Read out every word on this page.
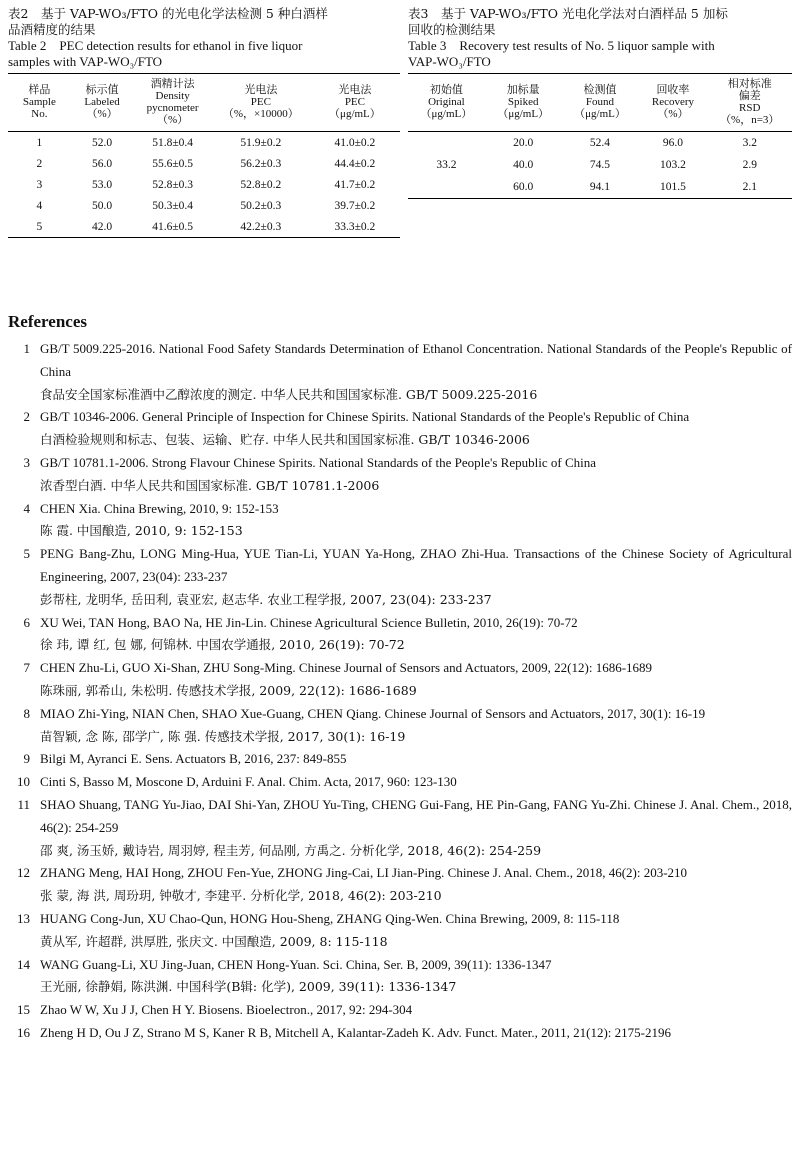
表2　基于 VAP-WO₃/FTO 的光电化学法检测 5 种白酒样

品酒精度的结果

Table 2　PEC detection results for ethanol in five liquor

samples with VAP-WO₃/FTO

样品
Sample
No.	标示值
Labeled
（%）	酒精计法
Density
pycnometer
（%）	光电法
PEC
（%，×10000）	光电法
PEC
（μg/mL）

1	52.0	51.8±0.4	51.9±0.2	41.0±0.2
2	56.0	55.6±0.5	56.2±0.3	44.4±0.2
3	53.0	52.8±0.3	52.8±0.2	41.7±0.2
4	50.0	50.3±0.4	50.2±0.3	39.7±0.2
5	42.0	41.6±0.5	42.2±0.3	33.3±0.2

表3　基于 VAP-WO₃/FTO 光电化学法对白酒样品 5 加标

回收的检测结果

Table 3　Recovery test results of No. 5 liquor sample with

VAP-WO₃/FTO

初始值
Original
（μg/mL）	加标量
Spiked
（μg/mL）	检测值
Found
（μg/mL）	回收率
Recovery
（%）	相对标准
偏差
RSD
（%，n=3）

33.2	20.0	52.4	96.0	3.2
	40.0	74.5	103.2	2.9
	60.0	94.1	101.5	2.1
References
1 GB/T 5009.225-2016. National Food Safety Standards Determination of Ethanol Concentration. National Standards of the People's Republic of China
食品安全国家标准酒中乙醇浓度的测定. 中华人民共和国国家标准. GB/T 5009.225-2016
2 GB/T 10346-2006. General Principle of Inspection for Chinese Spirits. National Standards of the People's Republic of China
白酒检验规则和标志、包装、运输、贮存. 中华人民共和国国家标准. GB/T 10346-2006
3 GB/T 10781.1-2006. Strong Flavour Chinese Spirits. National Standards of the People's Republic of China
浓香型白酒. 中华人民共和国国家标准. GB/T 10781.1-2006
4 CHEN Xia. China Brewing, 2010, 9: 152-153
陈 霞. 中国酿造, 2010, 9: 152-153
5 PENG Bang-Zhu, LONG Ming-Hua, YUE Tian-Li, YUAN Ya-Hong, ZHAO Zhi-Hua. Transactions of the Chinese Society of Agricultural Engineering, 2007, 23(04): 233-237
彭帮柱, 龙明华, 岳田利, 袁亚宏, 赵志华. 农业工程学报, 2007, 23(04): 233-237
6 XU Wei, TAN Hong, BAO Na, HE Jin-Lin. Chinese Agricultural Science Bulletin, 2010, 26(19): 70-72
徐 玮, 谭 红, 包 娜, 何锦林. 中国农学通报, 2010, 26(19): 70-72
7 CHEN Zhu-Li, GUO Xi-Shan, ZHU Song-Ming. Chinese Journal of Sensors and Actuators, 2009, 22(12): 1686-1689
陈珠丽, 郭希山, 朱松明. 传感技术学报, 2009, 22(12): 1686-1689
8 MIAO Zhi-Ying, NIAN Chen, SHAO Xue-Guang, CHEN Qiang. Chinese Journal of Sensors and Actuators, 2017, 30(1): 16-19
苗智颖, 念 陈, 邵学广, 陈 强. 传感技术学报, 2017, 30(1): 16-19
9 Bilgi M, Ayranci E. Sens. Actuators B, 2016, 237: 849-855
10 Cinti S, Basso M, Moscone D, Arduini F. Anal. Chim. Acta, 2017, 960: 123-130
11 SHAO Shuang, TANG Yu-Jiao, DAI Shi-Yan, ZHOU Yu-Ting, CHENG Gui-Fang, HE Pin-Gang, FANG Yu-Zhi. Chinese J. Anal. Chem., 2018, 46(2): 254-259
邵 爽, 汤玉娇, 戴诗岩, 周羽婷, 程圭芳, 何品刚, 方禹之. 分析化学, 2018, 46(2): 254-259
12 ZHANG Meng, HAI Hong, ZHOU Fen-Yue, ZHONG Jing-Cai, LI Jian-Ping. Chinese J. Anal. Chem., 2018, 46(2): 203-210
张 蒙, 海 洪, 周玢玥, 钟敬才, 李建平. 分析化学, 2018, 46(2): 203-210
13 HUANG Cong-Jun, XU Chao-Qun, HONG Hou-Sheng, ZHANG Qing-Wen. China Brewing, 2009, 8: 115-118
黄从军, 许超群, 洪厚胜, 张庆文. 中国酿造, 2009, 8: 115-118
14 WANG Guang-Li, XU Jing-Juan, CHEN Hong-Yuan. Sci. China, Ser. B, 2009, 39(11): 1336-1347
王光丽, 徐静娟, 陈洪渊. 中国科学(B辑: 化学), 2009, 39(11): 1336-1347
15 Zhao W W, Xu J J, Chen H Y. Biosens. Bioelectron., 2017, 92: 294-304
16 Zheng H D, Ou J Z, Strano M S, Kaner R B, Mitchell A, Kalantar-Zadeh K. Adv. Funct. Mater., 2011, 21(12): 2175-2196
